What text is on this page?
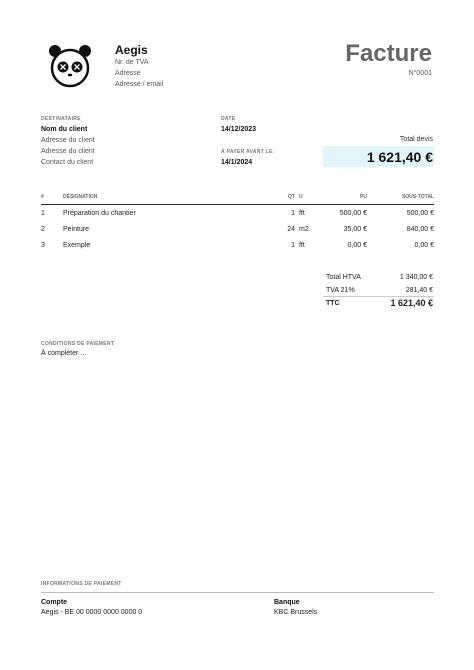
Aegis
Nr. de TVA
Adresse
Adresse / email
Facture
N°0001
DESTINATAIRE
Nom du client
Adresse du client
Adresse du client
Contact du client
DATE
14/12/2023
À PAYER AVANT LE:
14/1/2024
Total devis
1 621,40 €
#	DÉSIGNATION	QT U	PU	SOUS-TOTAL
1	Préparation du chantier	1 fft	500,00 €	500,00 €
2	Peinture	24 m2	35,00 €	840,00 €
3	Exemple	1 fft	0,00 €	0,00 €
Total HTVA	1 340,00 €
TVA 21%	281,40 €
TTC	1 621,40 €
CONDITIONS DE PAIEMENT
À compléter ...
INFORMATIONS DE PAIEMENT
Compte
Aegis - BE 00 0000 0000 0000 0
Banque
KBC Brussels
